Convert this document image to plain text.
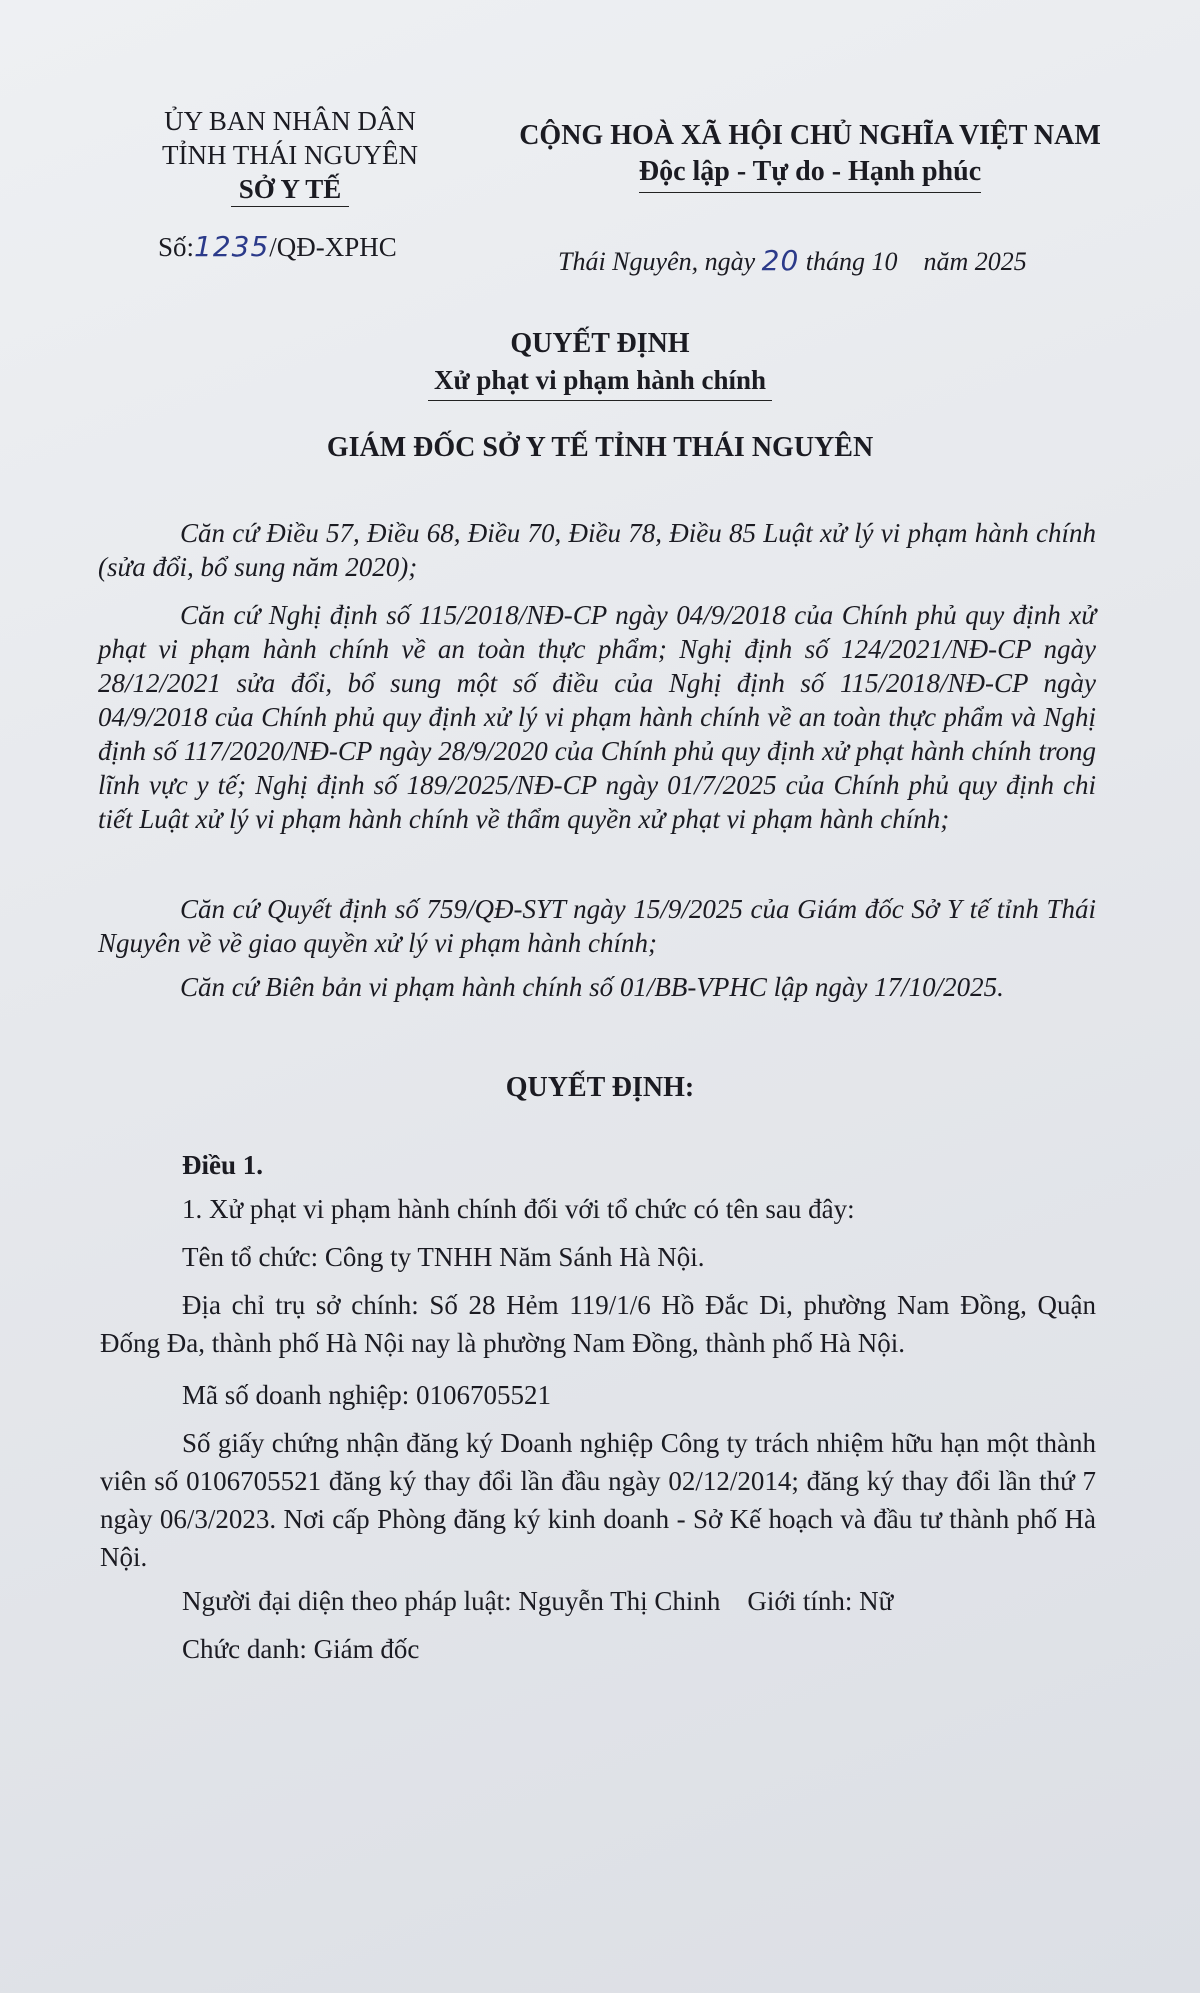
ỦY BAN NHÂN DÂN
TỈNH THÁI NGUYÊN
SỞ Y TẾ
Số:1235/QĐ-XPHC
CỘNG HOÀ XÃ HỘI CHỦ NGHĨA VIỆT NAM
Độc lập - Tự do - Hạnh phúc
Thái Nguyên, ngày 20 tháng 10    năm 2025
QUYẾT ĐỊNH
Xử phạt vi phạm hành chính
GIÁM ĐỐC SỞ Y TẾ TỈNH THÁI NGUYÊN

Căn cứ Điều 57, Điều 68, Điều 70, Điều 78, Điều 85 Luật xử lý vi phạm hành chính (sửa đổi, bổ sung năm 2020);

Căn cứ Nghị định số 115/2018/NĐ-CP ngày 04/9/2018 của Chính phủ quy định xử phạt vi phạm hành chính về an toàn thực phẩm; Nghị định số 124/2021/NĐ-CP ngày 28/12/2021 sửa đổi, bổ sung một số điều của Nghị định số 115/2018/NĐ-CP ngày 04/9/2018 của Chính phủ quy định xử lý vi phạm hành chính về an toàn thực phẩm và Nghị định số 117/2020/NĐ-CP ngày 28/9/2020 của Chính phủ quy định xử phạt hành chính trong lĩnh vực y tế; Nghị định số 189/2025/NĐ-CP ngày 01/7/2025 của Chính phủ quy định chi tiết Luật xử lý vi phạm hành chính về thẩm quyền xử phạt vi phạm hành chính;

Căn cứ Quyết định số 759/QĐ-SYT ngày 15/9/2025 của Giám đốc Sở Y tế tỉnh Thái Nguyên về về giao quyền xử lý vi phạm hành chính;

Căn cứ Biên bản vi phạm hành chính số 01/BB-VPHC lập ngày 17/10/2025.

QUYẾT ĐỊNH:
Điều 1.

1. Xử phạt vi phạm hành chính đối với tổ chức có tên sau đây:

Tên tổ chức: Công ty TNHH Năm Sánh Hà Nội.

Địa chỉ trụ sở chính: Số 28 Hẻm 119/1/6 Hồ Đắc Di, phường Nam Đồng, Quận Đống Đa, thành phố Hà Nội nay là phường Nam Đồng, thành phố Hà Nội.

Mã số doanh nghiệp: 0106705521

Số giấy chứng nhận đăng ký Doanh nghiệp Công ty trách nhiệm hữu hạn một thành viên số 0106705521 đăng ký thay đổi lần đầu ngày 02/12/2014; đăng ký thay đổi lần thứ 7 ngày 06/3/2023. Nơi cấp Phòng đăng ký kinh doanh - Sở Kế hoạch và đầu tư thành phố Hà Nội.

Người đại diện theo pháp luật: Nguyễn Thị Chinh Giới tính: Nữ

Chức danh: Giám đốc
